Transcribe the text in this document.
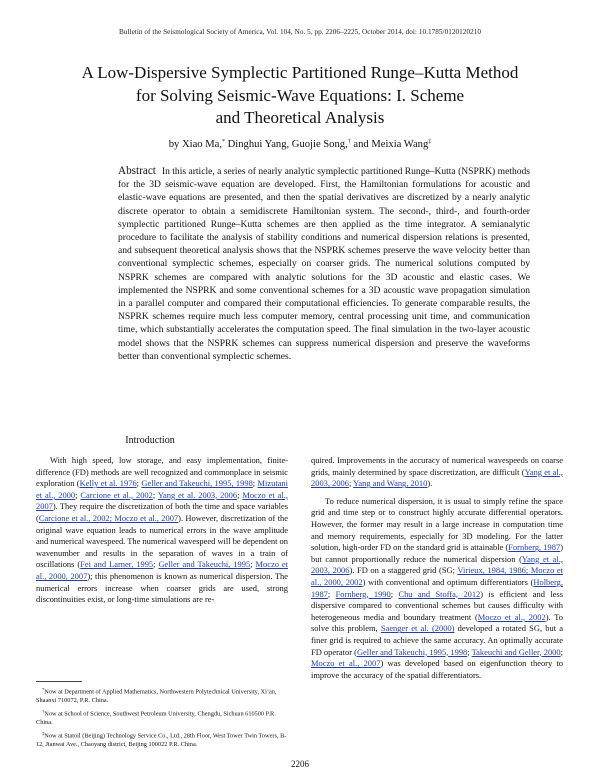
Bulletin of the Seismological Society of America, Vol. 104, No. 5, pp. 2206–2225, October 2014, doi: 10.1785/0120120210
A Low-Dispersive Symplectic Partitioned Runge–Kutta Method
for Solving Seismic-Wave Equations: I. Scheme
and Theoretical Analysis
by Xiao Ma,* Dinghui Yang, Guojie Song,† and Meixia Wang‡
Abstract In this article, a series of nearly analytic symplectic partitioned Runge–Kutta (NSPRK) methods for the 3D seismic-wave equation are developed. First, the Hamiltonian formulations for acoustic and elastic-wave equations are presented, and then the spatial derivatives are discretized by a nearly analytic discrete operator to obtain a semidiscrete Hamiltonian system. The second-, third-, and fourth-order symplectic partitioned Runge–Kutta schemes are then applied as the time integrator. A semianalytic procedure to facilitate the analysis of stability conditions and numerical dispersion relations is presented, and subsequent theoretical analysis shows that the NSPRK schemes preserve the wave velocity better than conventional symplectic schemes, especially on coarser grids. The numerical solutions computed by NSPRK schemes are compared with analytic solutions for the 3D acoustic and elastic cases. We implemented the NSPRK and some conventional schemes for a 3D acoustic wave propagation simulation in a parallel computer and compared their computational efficiencies. To generate comparable results, the NSPRK schemes require much less computer memory, central processing unit time, and communication time, which substantially accelerates the computation speed. The final simulation in the two-layer acoustic model shows that the NSPRK schemes can suppress numerical dispersion and preserve the waveforms better than conventional symplectic schemes.
Introduction

With high speed, low storage, and easy implementation, finite-difference (FD) methods are well recognized and commonplace in seismic exploration (Kelly et al. 1976; Geller and Takeuchi, 1995, 1998; Mizutani et al., 2000; Carcione et al., 2002; Yang et al. 2003, 2006; Moczo et al., 2007). They require the discretization of both the time and space variables (Carcione et al., 2002; Moczo et al., 2007). However, discretization of the original wave equation leads to numerical errors in the wave amplitude and numerical wavespeed. The numerical wavespeed will be dependent on wavenumber and results in the separation of waves in a train of oscillations (Fei and Larner, 1995; Geller and Takeuchi, 1995; Moczo et al., 2000, 2007); this phenomenon is known as numerical dispersion. The numerical errors increase when coarser grids are used, strong discontinuities exist, or long-time simulations are re-

quired. Improvements in the accuracy of numerical wavespeeds on coarse grids, mainly determined by space discretization, are difficult (Yang et al., 2003, 2006; Yang and Wang, 2010).

To reduce numerical dispersion, it is usual to simply refine the space grid and time step or to construct highly accurate differential operators. However, the former may result in a large increase in computation time and memory requirements, especially for 3D modeling. For the latter solution, high-order FD on the standard grid is attainable (Fornberg, 1987) but cannot proportionally reduce the numerical dispersion (Yang et al., 2003, 2006). FD on a staggered grid (SG; Virieux, 1984, 1986; Moczo et al., 2000, 2002) with conventional and optimum differentiators (Holberg, 1987; Fornberg, 1990; Chu and Stoffa, 2012) is efficient and less dispersive compared to conventional schemes but causes difficulty with heterogeneous media and boundary treatment (Moczo et al., 2002). To solve this problem, Saenger et al. (2000) developed a rotated SG, but a finer grid is required to achieve the same accuracy. An optimally accurate FD operator (Geller and Takeuchi, 1995, 1998; Takeuchi and Geller, 2000; Moczo et al., 2007) was developed based on eigenfunction theory to improve the accuracy of the spatial differentiators.

*Now at Department of Applied Mathematics, Northwestern Polytechnical University, Xi’an, Shaanxi 710072, P.R. China.
†Now at School of Science, Southwest Petroleum University, Chengdu, Sichuan 610500 P.R. China.
‡Now at Statoil (Beijing) Technology Service Co., Ltd., 28th Floor, West Tower Twin Towers, B-12, Jianwai Ave., Chaoyang district, Beijing 100022 P.R. China.
2206
